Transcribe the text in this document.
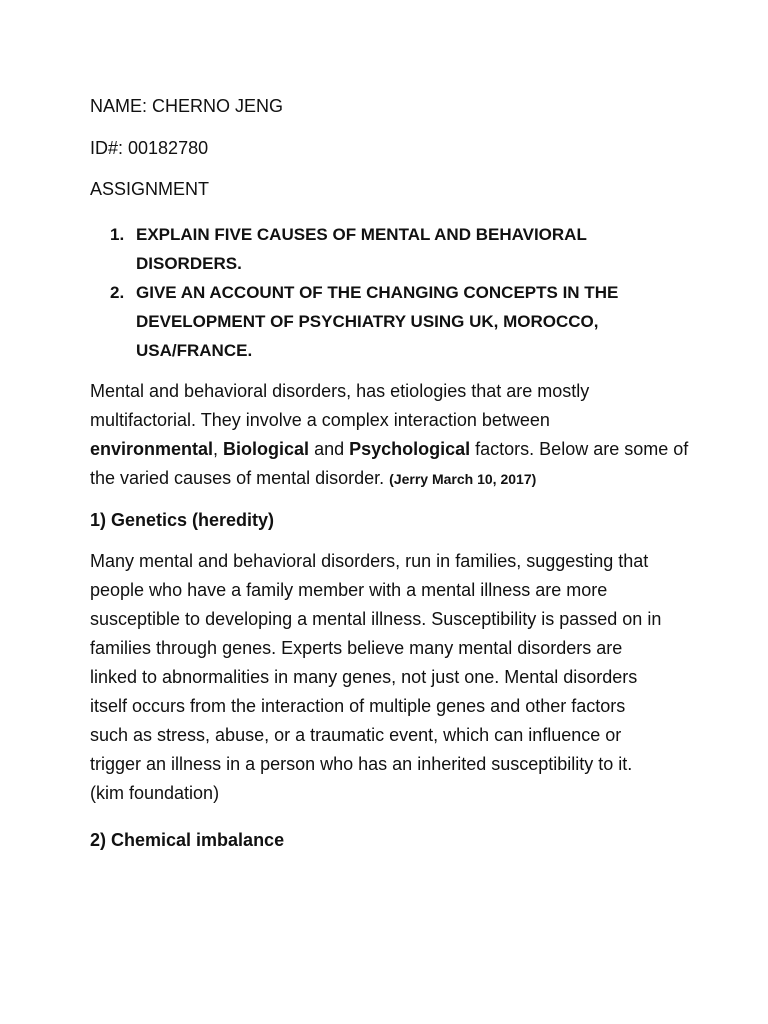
NAME: CHERNO JENG
ID#: 00182780
ASSIGNMENT
1. EXPLAIN FIVE CAUSES OF MENTAL AND BEHAVIORAL
DISORDERS.
2. GIVE AN ACCOUNT OF THE CHANGING CONCEPTS IN THE
DEVELOPMENT OF PSYCHIATRY USING UK, MOROCCO,
USA/FRANCE.
Mental and behavioral disorders, has etiologies that are mostly
multifactorial. They involve a complex interaction between
environmental, Biological and Psychological factors. Below are some of
the varied causes of mental disorder. (Jerry March 10, 2017)
1) Genetics (heredity)
Many mental and behavioral disorders, run in families, suggesting that
people who have a family member with a mental illness are more
susceptible to developing a mental illness. Susceptibility is passed on in
families through genes. Experts believe many mental disorders are
linked to abnormalities in many genes, not just one. Mental disorders
itself occurs from the interaction of multiple genes and other factors
such as stress, abuse, or a traumatic event, which can influence or
trigger an illness in a person who has an inherited susceptibility to it.
(kim foundation)
2) Chemical imbalance
